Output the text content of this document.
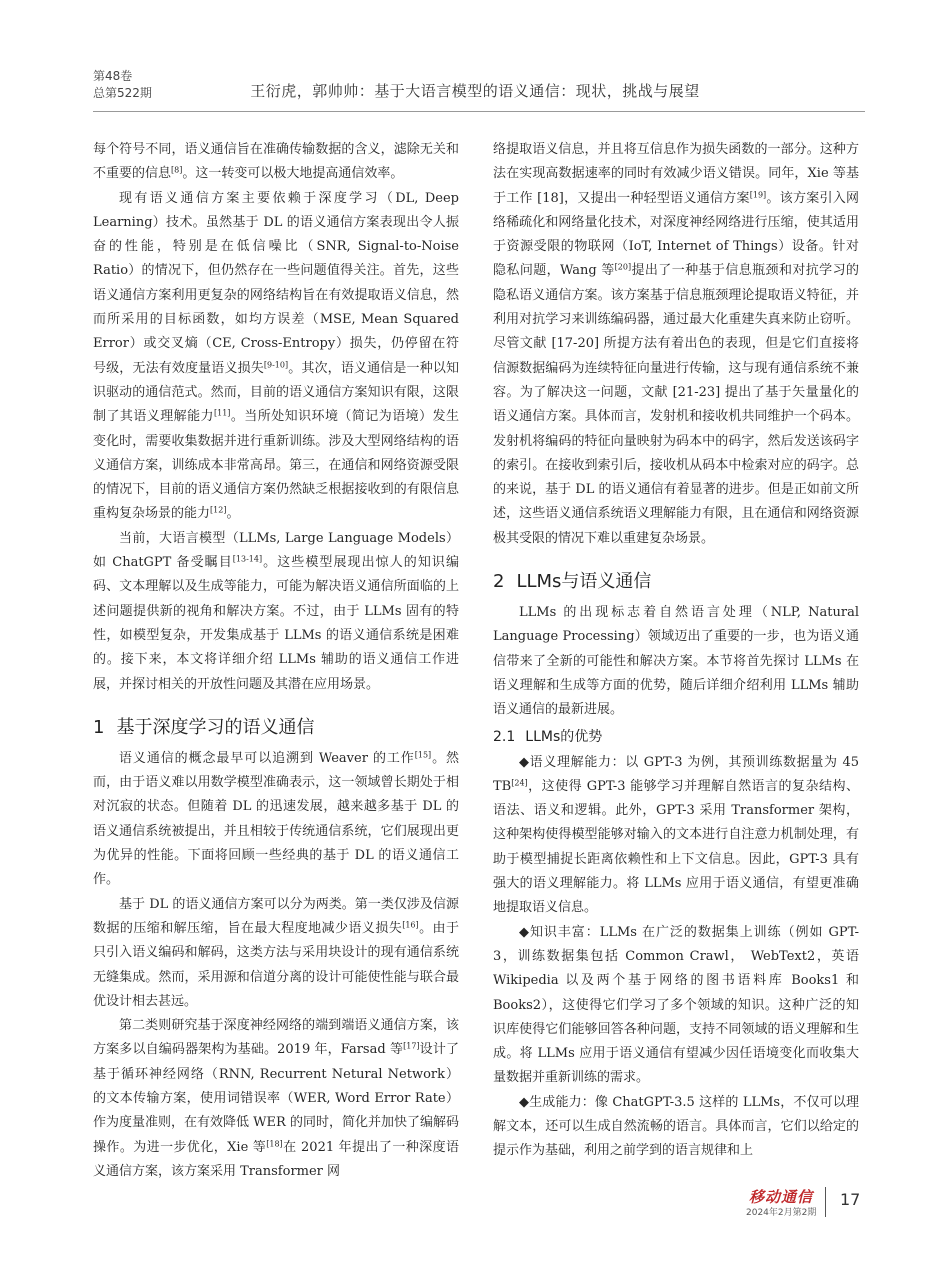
第48卷
总第522期	王衍虎，郭帅帅：基于大语言模型的语义通信：现状，挑战与展望

每个符号不同，语义通信旨在准确传输数据的含义，滤除无关和不重要的信息[8]。这一转变可以极大地提高通信效率。

现有语义通信方案主要依赖于深度学习（DL, Deep Learning）技术。虽然基于 DL 的语义通信方案表现出令人振奋的性能，特别是在低信噪比（SNR, Signal-to-Noise Ratio）的情况下，但仍然存在一些问题值得关注。首先，这些语义通信方案利用更复杂的网络结构旨在有效提取语义信息，然而所采用的目标函数，如均方误差（MSE, Mean Squared Error）或交叉熵（CE, Cross-Entropy）损失，仍停留在符号级，无法有效度量语义损失[9-10]。其次，语义通信是一种以知识驱动的通信范式。然而，目前的语义通信方案知识有限，这限制了其语义理解能力[11]。当所处知识环境（简记为语境）发生变化时，需要收集数据并进行重新训练。涉及大型网络结构的语义通信方案，训练成本非常高昂。第三，在通信和网络资源受限的情况下，目前的语义通信方案仍然缺乏根据接收到的有限信息重构复杂场景的能力[12]。

当前，大语言模型（LLMs, Large Language Models）如 ChatGPT 备受瞩目[13-14]。这些模型展现出惊人的知识编码、文本理解以及生成等能力，可能为解决语义通信所面临的上述问题提供新的视角和解决方案。不过，由于 LLMs 固有的特性，如模型复杂，开发集成基于 LLMs 的语义通信系统是困难的。接下来，本文将详细介绍 LLMs 辅助的语义通信工作进展，并探讨相关的开放性问题及其潜在应用场景。

1 基于深度学习的语义通信

语义通信的概念最早可以追溯到 Weaver 的工作[15]。然而，由于语义难以用数学模型准确表示，这一领域曾长期处于相对沉寂的状态。但随着 DL 的迅速发展，越来越多基于 DL 的语义通信系统被提出，并且相较于传统通信系统，它们展现出更为优异的性能。下面将回顾一些经典的基于 DL 的语义通信工作。

基于 DL 的语义通信方案可以分为两类。第一类仅涉及信源数据的压缩和解压缩，旨在最大程度地减少语义损失[16]。由于只引入语义编码和解码，这类方法与采用块设计的现有通信系统无缝集成。然而，采用源和信道分离的设计可能使性能与联合最优设计相去甚远。

第二类则研究基于深度神经网络的端到端语义通信方案，该方案多以自编码器架构为基础。2019 年，Farsad 等[17]设计了基于循环神经网络（RNN, Recurrent Netural Network）的文本传输方案，使用词错误率（WER, Word Error Rate）作为度量准则，在有效降低 WER 的同时，简化并加快了编解码操作。为进一步优化，Xie 等[18]在 2021 年提出了一种深度语义通信方案，该方案采用 Transformer 网

络提取语义信息，并且将互信息作为损失函数的一部分。这种方法在实现高数据速率的同时有效减少语义错误。同年，Xie 等基于工作 [18]，又提出一种轻型语义通信方案[19]。该方案引入网络稀疏化和网络量化技术，对深度神经网络进行压缩，使其适用于资源受限的物联网（IoT, Internet of Things）设备。针对隐私问题，Wang 等[20]提出了一种基于信息瓶颈和对抗学习的隐私语义通信方案。该方案基于信息瓶颈理论提取语义特征，并利用对抗学习来训练编码器，通过最大化重建失真来防止窃听。尽管文献 [17-20] 所提方法有着出色的表现，但是它们直接将信源数据编码为连续特征向量进行传输，这与现有通信系统不兼容。为了解决这一问题，文献 [21-23] 提出了基于矢量量化的语义通信方案。具体而言，发射机和接收机共同维护一个码本。发射机将编码的特征向量映射为码本中的码字，然后发送该码字的索引。在接收到索引后，接收机从码本中检索对应的码字。总的来说，基于 DL 的语义通信有着显著的进步。但是正如前文所述，这些语义通信系统语义理解能力有限，且在通信和网络资源极其受限的情况下难以重建复杂场景。

2 LLMs与语义通信

LLMs 的出现标志着自然语言处理（NLP, Natural Language Processing）领域迈出了重要的一步，也为语义通信带来了全新的可能性和解决方案。本节将首先探讨 LLMs 在语义理解和生成等方面的优势，随后详细介绍利用 LLMs 辅助语义通信的最新进展。

2.1 LLMs的优势

◆语义理解能力：以 GPT-3 为例，其预训练数据量为 45 TB[24]，这使得 GPT-3 能够学习并理解自然语言的复杂结构、语法、语义和逻辑。此外，GPT-3 采用 Transformer 架构，这种架构使得模型能够对输入的文本进行自注意力机制处理，有助于模型捕捉长距离依赖性和上下文信息。因此，GPT-3 具有强大的语义理解能力。将 LLMs 应用于语义通信，有望更准确地提取语义信息。

◆知识丰富：LLMs 在广泛的数据集上训练（例如 GPT-3，训练数据集包括 Common Crawl， WebText2，英语 Wikipedia 以及两个基于网络的图书语料库 Books1 和 Books2），这使得它们学习了多个领域的知识。这种广泛的知识库使得它们能够回答各种问题，支持不同领域的语义理解和生成。将 LLMs 应用于语义通信有望减少因任语境变化而收集大量数据并重新训练的需求。

◆生成能力：像 ChatGPT-3.5 这样的 LLMs，不仅可以理解文本，还可以生成自然流畅的语言。具体而言，它们以给定的提示作为基础，利用之前学到的语言规律和上

移动通信
2024年2月第2期
17
